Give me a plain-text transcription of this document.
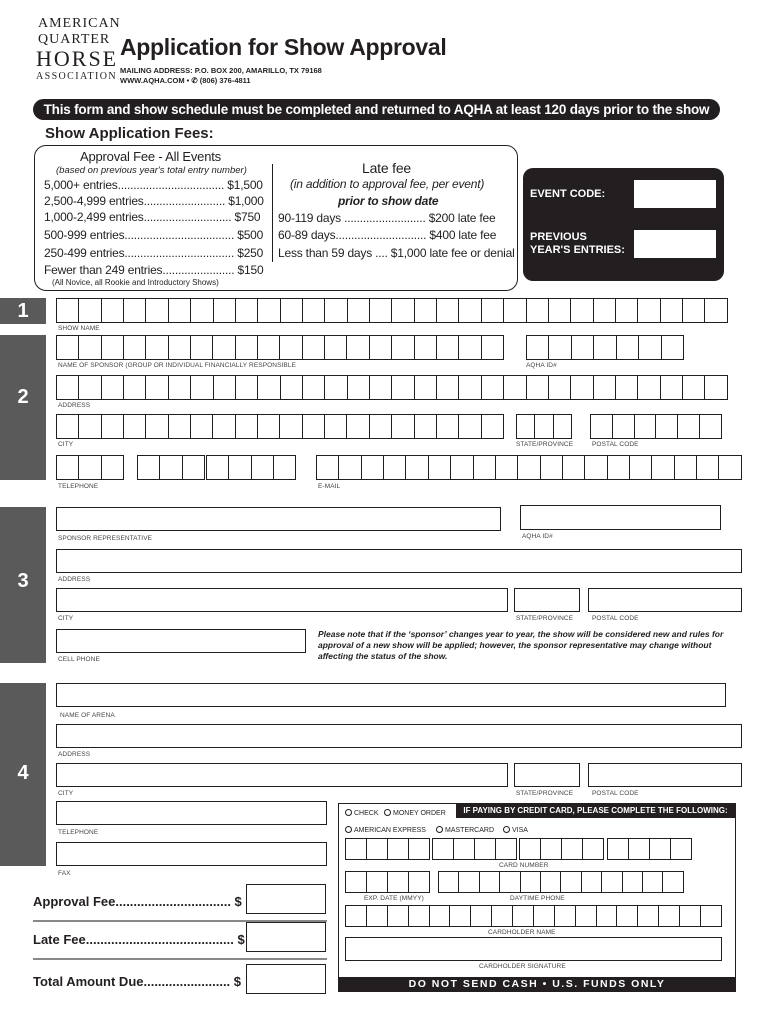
AMERICAN
QUARTER
HORSE
ASSOCIATION
Application for Show Approval
MAILING ADDRESS: P.O. BOX 200, AMARILLO, TX 79168
WWW.AQHA.COM • ✆ (806) 376-4811
This form and show schedule must be completed and returned to AQHA at least 120 days prior to the show date
Show Application Fees:
Approval Fee - All Events
(based on previous year's total entry number)
5,000+ entries.................................. $1,500
2,500-4,999 entries.......................... $1,000
1,000-2,499 entries............................ $750
500-999 entries................................... $500
250-499 entries................................... $250
Fewer than 249 entries....................... $150
(All Novice, all Rookie and Introductory Shows)
Late fee
(in addition to approval fee, per event)
prior to show date
90-119 days .......................... $200 late fee
60-89 days............................. $400 late fee
Less than 59 days .... $1,000 late fee or denial
EVENT CODE:
PREVIOUS
YEAR'S ENTRIES:
1
2
3
4
SHOW NAME
NAME OF SPONSOR (GROUP OR INDIVIDUAL FINANCIALLY RESPONSIBLE	AQHA ID#
ADDRESS
CITY	STATE/PROVINCE	POSTAL CODE
TELEPHONE	E-MAIL
SPONSOR REPRESENTATIVE	AQHA ID#
ADDRESS
CITY	STATE/PROVINCE	POSTAL CODE
CELL PHONE
Please note that if the ‘sponsor’ changes year to year, the show will be considered new and rules for approval of a new show will be applied; however, the sponsor representative may change without affecting the status of the show.
NAME OF ARENA
ADDRESS
CITY	STATE/PROVINCE	POSTAL CODE
TELEPHONE
FAX
Approval Fee................................ $
Late Fee......................................... $
Total Amount Due........................ $
IF PAYING BY CREDIT CARD, PLEASE COMPLETE THE FOLLOWING:
CHECK	MONEY ORDER
AMERICAN EXPRESS	MASTERCARD	VISA
CARD NUMBER
EXP. DATE (MMYY)	DAYTIME PHONE
CARDHOLDER NAME
CARDHOLDER SIGNATURE
DO NOT SEND CASH • U.S. FUNDS ONLY
